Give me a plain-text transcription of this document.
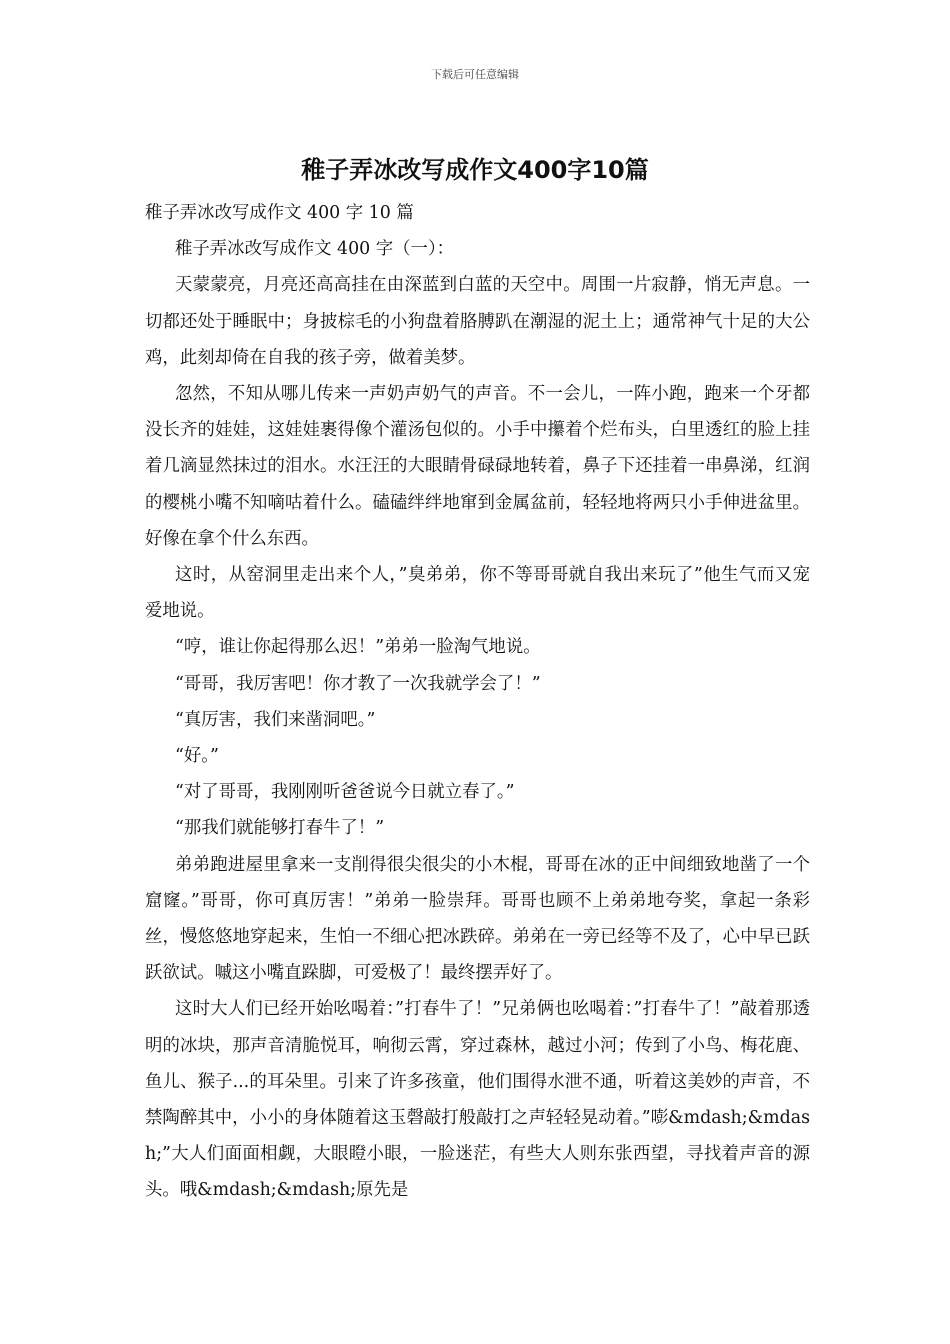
下载后可任意编辑
稚子弄冰改写成作文400字10篇

稚子弄冰改写成作文 400 字 10 篇

稚子弄冰改写成作文 400 字（一）：

天蒙蒙亮，月亮还高高挂在由深蓝到白蓝的天空中。周围一片寂静，悄无声息。一切都还处于睡眠中；身披棕毛的小狗盘着胳膊趴在潮湿的泥土上；通常神气十足的大公鸡，此刻却倚在自我的孩子旁，做着美梦。

忽然，不知从哪儿传来一声奶声奶气的声音。不一会儿，一阵小跑，跑来一个牙都没长齐的娃娃，这娃娃裹得像个灌汤包似的。小手中攥着个烂布头，白里透红的脸上挂着几滴显然抹过的泪水。水汪汪的大眼睛骨碌碌地转着，鼻子下还挂着一串鼻涕，红润的樱桃小嘴不知嘀咕着什么。磕磕绊绊地窜到金属盆前，轻轻地将两只小手伸进盆里。好像在拿个什么东西。

这时，从窑洞里走出来个人，”臭弟弟，你不等哥哥就自我出来玩了”他生气而又宠爱地说。

“哼，谁让你起得那么迟！”弟弟一脸淘气地说。

“哥哥，我厉害吧！你才教了一次我就学会了！”

“真厉害，我们来凿洞吧。”

“好。”

“对了哥哥，我刚刚听爸爸说今日就立春了。”

“那我们就能够打春牛了！”

弟弟跑进屋里拿来一支削得很尖很尖的小木棍，哥哥在冰的正中间细致地凿了一个窟窿。”哥哥，你可真厉害！”弟弟一脸崇拜。哥哥也顾不上弟弟地夸奖，拿起一条彩丝，慢悠悠地穿起来，生怕一不细心把冰跌碎。弟弟在一旁已经等不及了，心中早已跃跃欲试。嘁这小嘴直跺脚，可爱极了！最终摆弄好了。

这时大人们已经开始吆喝着：”打春牛了！”兄弟俩也吆喝着：”打春牛了！”敲着那透明的冰块，那声音清脆悦耳，响彻云霄，穿过森林，越过小河；传到了小鸟、梅花鹿、鱼儿、猴子...的耳朵里。引来了许多孩童，他们围得水泄不通，听着这美妙的声音，不禁陶醉其中，小小的身体随着这玉磬敲打般敲打之声轻轻晃动着。”嘭&mdash;&mdash;”大人们面面相觑，大眼瞪小眼，一脸迷茫，有些大人则东张西望，寻找着声音的源头。哦&mdash;&mdash;原先是
